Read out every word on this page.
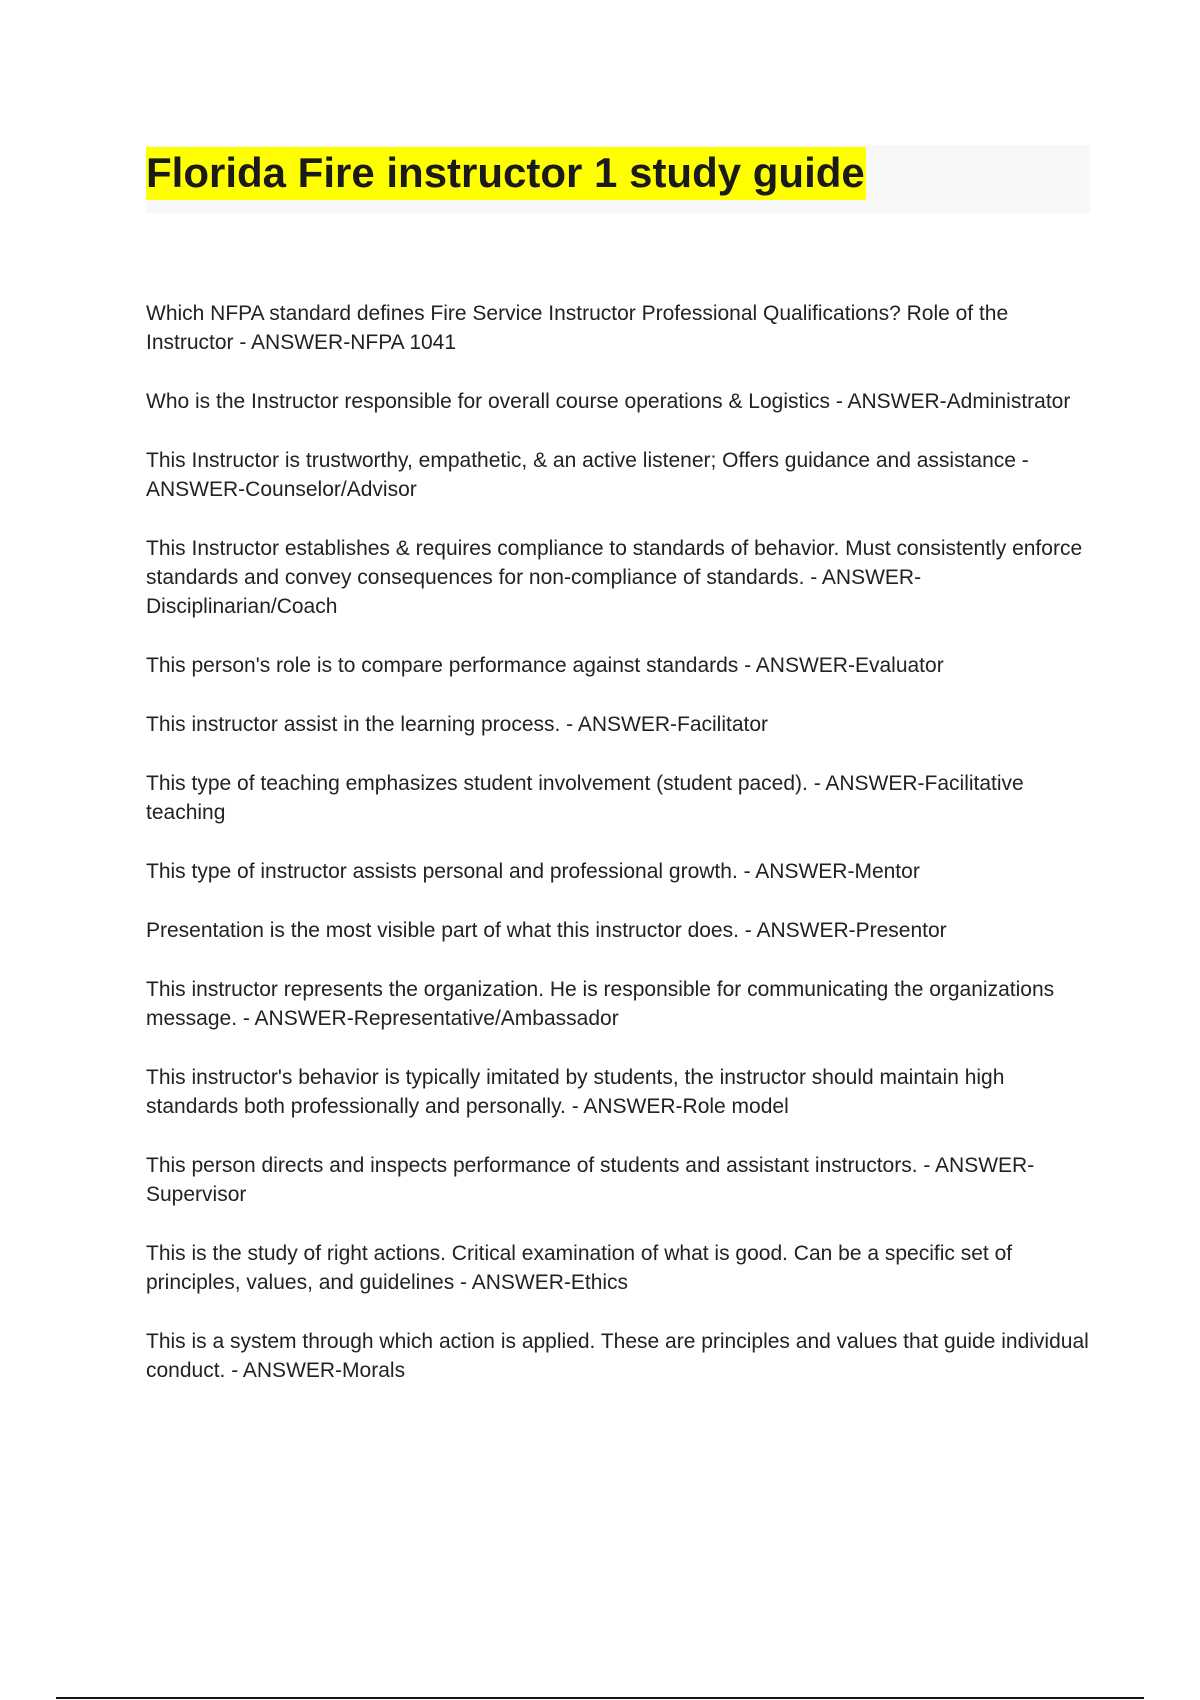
Florida Fire instructor 1 study guide
Which NFPA standard defines Fire Service Instructor Professional Qualifications? Role of the Instructor - ANSWER-NFPA 1041
Who is the Instructor responsible for overall course operations & Logistics - ANSWER-Administrator
This Instructor is trustworthy, empathetic, & an active listener; Offers guidance and assistance - ANSWER-Counselor/Advisor
This Instructor establishes & requires compliance to standards of behavior. Must consistently enforce standards and convey consequences for non-compliance of standards. - ANSWER-Disciplinarian/Coach
This person's role is to compare performance against standards - ANSWER-Evaluator
This instructor assist in the learning process. - ANSWER-Facilitator
This type of teaching emphasizes student involvement (student paced). - ANSWER-Facilitative teaching
This type of instructor assists personal and professional growth. - ANSWER-Mentor
Presentation is the most visible part of what this instructor does. - ANSWER-Presentor
This instructor represents the organization. He is responsible for communicating the organizations message. - ANSWER-Representative/Ambassador
This instructor's behavior is typically imitated by students, the instructor should maintain high standards both professionally and personally. - ANSWER-Role model
This person directs and inspects performance of students and assistant instructors. - ANSWER-Supervisor
This is the study of right actions. Critical examination of what is good. Can be a specific set of principles, values, and guidelines - ANSWER-Ethics
This is a system through which action is applied. These are principles and values that guide individual conduct. - ANSWER-Morals
